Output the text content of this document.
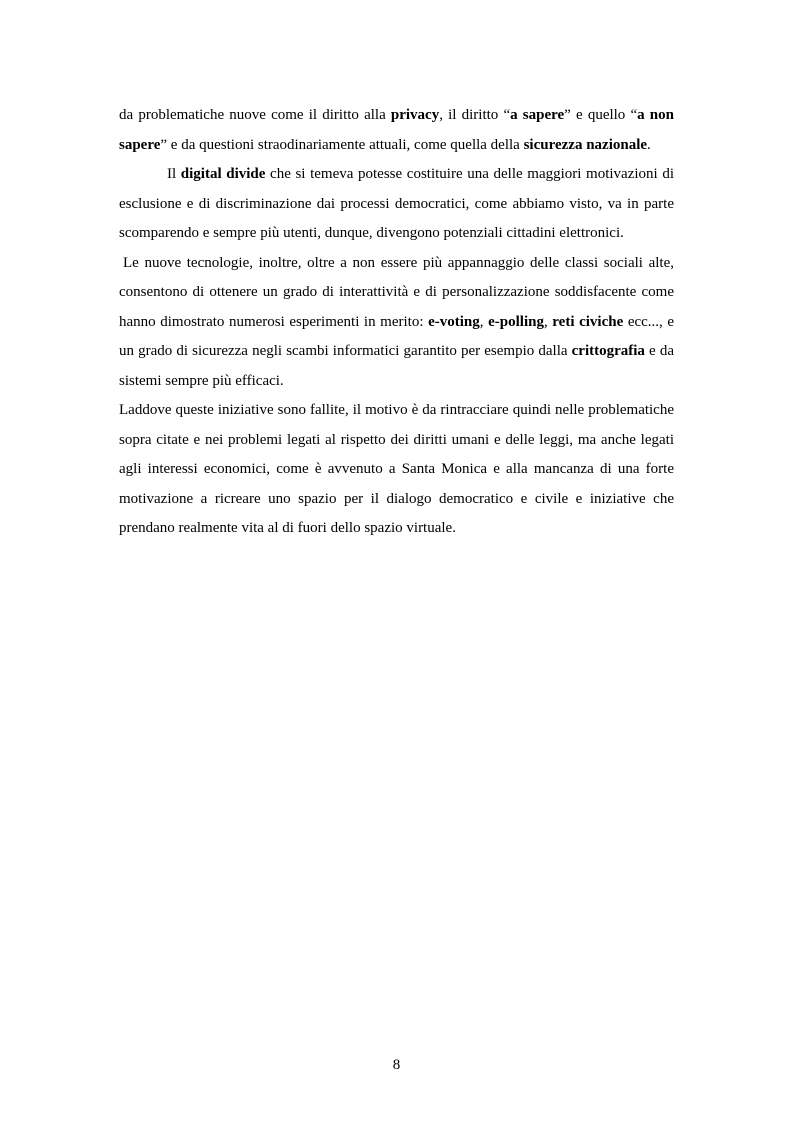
da problematiche nuove come il diritto alla privacy, il diritto “a sapere” e quello “a non sapere” e da questioni straodinariamente attuali, come quella della sicurezza nazionale.

Il digital divide che si temeva potesse costituire una delle maggiori motivazioni di esclusione e di discriminazione dai processi democratici, come abbiamo visto, va in parte scomparendo e sempre più utenti, dunque, divengono potenziali cittadini elettronici.

Le nuove tecnologie, inoltre, oltre a non essere più appannaggio delle classi sociali alte, consentono di ottenere un grado di interattività e di personalizzazione soddisfacente come hanno dimostrato numerosi esperimenti in merito: e-voting, e-polling, reti civiche ecc..., e un grado di sicurezza negli scambi informatici garantito per esempio dalla crittografia e da sistemi sempre più efficaci.

Laddove queste iniziative sono fallite, il motivo è da rintracciare quindi nelle problematiche sopra citate e nei problemi legati al rispetto dei diritti umani e delle leggi, ma anche legati agli interessi economici, come è avvenuto a Santa Monica e alla mancanza di una forte motivazione a ricreare uno spazio per il dialogo democratico e civile e iniziative che prendano realmente vita al di fuori dello spazio virtuale.

8
